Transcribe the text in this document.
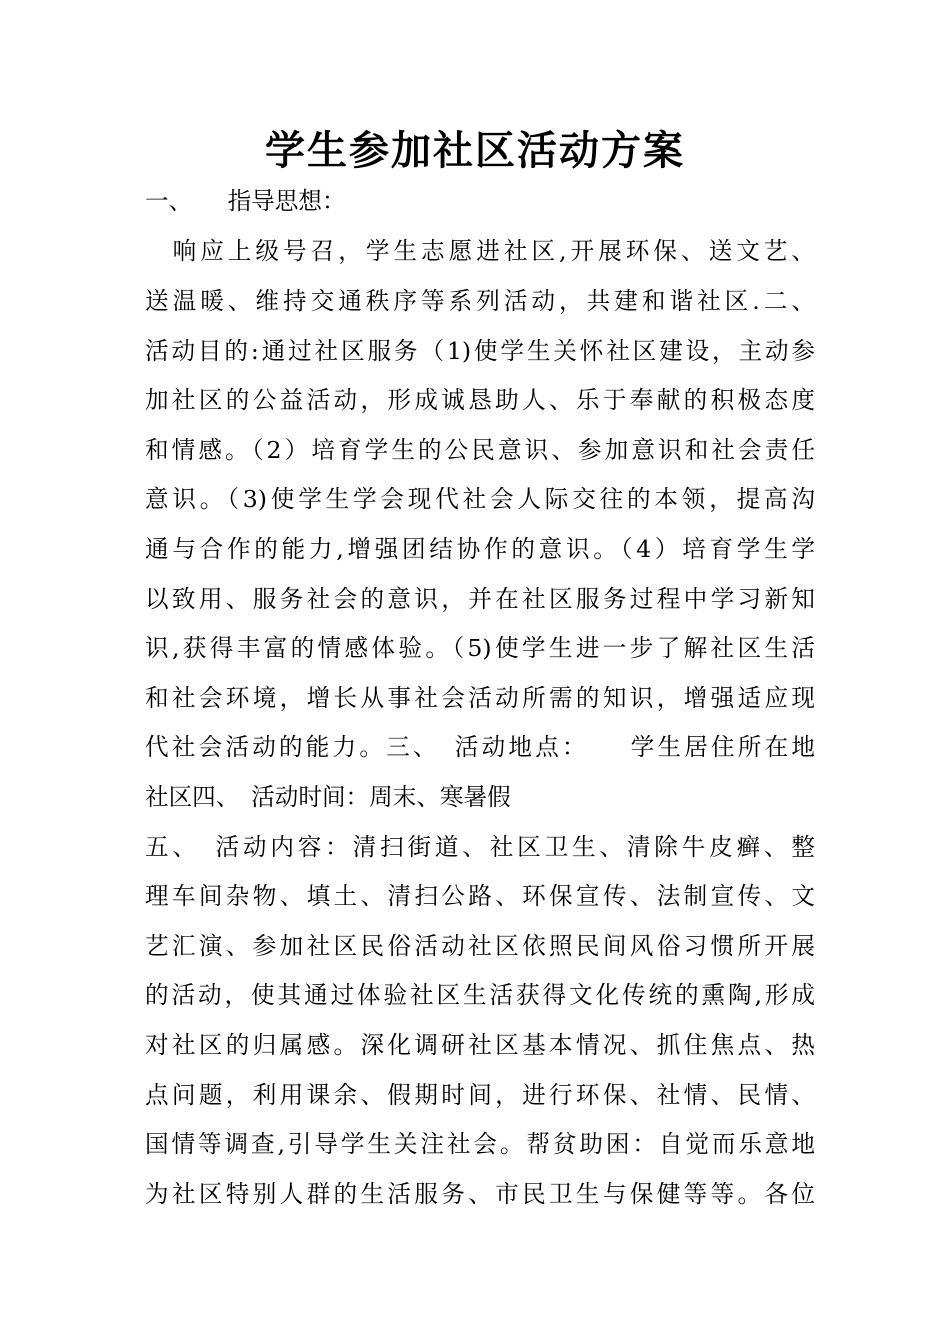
学生参加社区活动方案
一、　　指导思想：
　响应上级号召，学生志愿进社区,开展环保、送文艺、
送温暖、维持交通秩序等系列活动，共建和谐社区.二、
活动目的:通过社区服务（1)使学生关怀社区建设，主动参
加社区的公益活动，形成诚恳助人、乐于奉献的积极态度
和情感。（2）培育学生的公民意识、参加意识和社会责任
意识。（3)使学生学会现代社会人际交往的本领，提高沟
通与合作的能力,增强团结协作的意识。（4）培育学生学
以致用、服务社会的意识，并在社区服务过程中学习新知
识,获得丰富的情感体验。（5)使学生进一步了解社区生活
和社会环境，增长从事社会活动所需的知识，增强适应现
代社会活动的能力。三、　活动地点：　　学生居住所在地
社区四、　活动时间：周末、寒暑假
五、　活动内容：清扫街道、社区卫生、清除牛皮癣、整
理车间杂物、填土、清扫公路、环保宣传、法制宣传、文
艺汇演、参加社区民俗活动社区依照民间风俗习惯所开展
的活动，使其通过体验社区生活获得文化传统的熏陶,形成
对社区的归属感。深化调研社区基本情况、抓住焦点、热
点问题，利用课余、假期时间，进行环保、社情、民情、
国情等调查,引导学生关注社会。帮贫助困：自觉而乐意地
为社区特别人群的生活服务、市民卫生与保健等等。各位
